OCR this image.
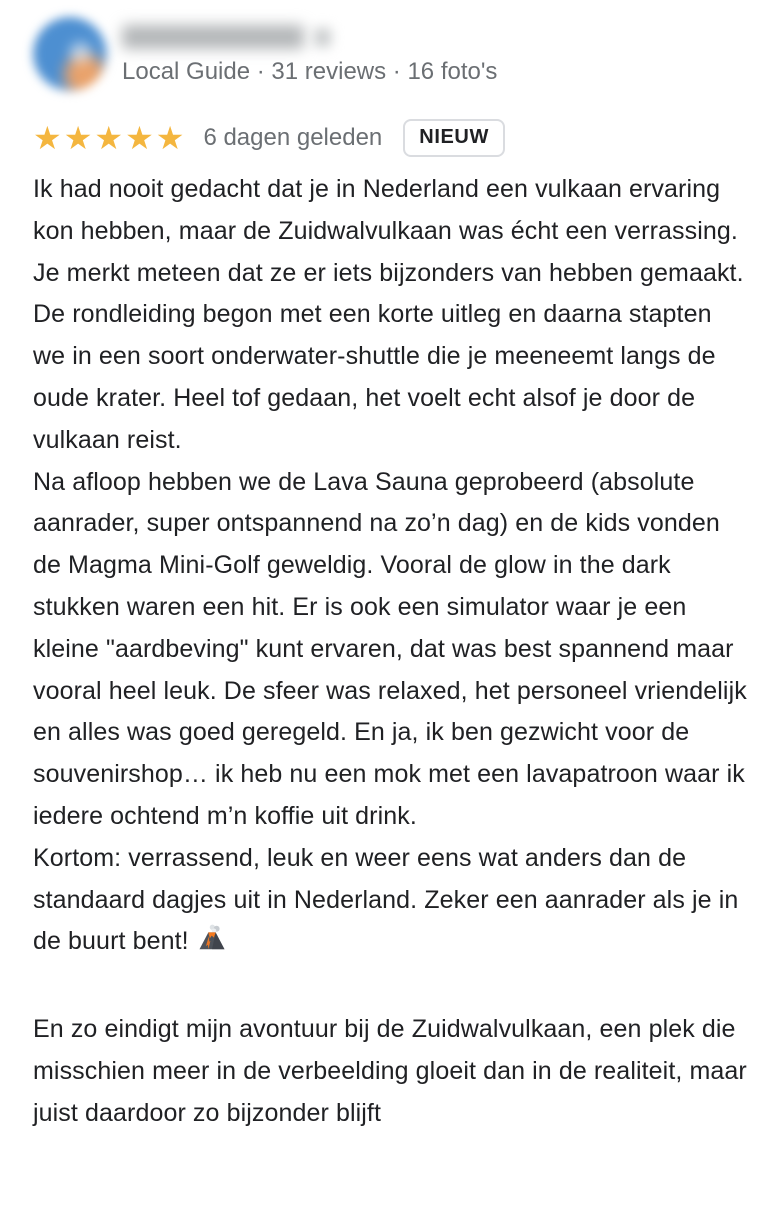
Local Guide · 31 reviews · 16 foto's
★★★★★ 6 dagen geleden	NIEUW

Ik had nooit gedacht dat je in Nederland een vulkaan ervaring kon hebben, maar de Zuidwalvulkaan was écht een verrassing. Je merkt meteen dat ze er iets bijzonders van hebben gemaakt. De rondleiding begon met een korte uitleg en daarna stapten we in een soort onderwater-shuttle die je meeneemt langs de oude krater. Heel tof gedaan, het voelt echt alsof je door de vulkaan reist.

Na afloop hebben we de Lava Sauna geprobeerd (absolute aanrader, super ontspannend na zo’n dag) en de kids vonden de Magma Mini-Golf geweldig. Vooral de glow in the dark stukken waren een hit. Er is ook een simulator waar je een kleine "aardbeving" kunt ervaren, dat was best spannend maar vooral heel leuk. De sfeer was relaxed, het personeel vriendelijk en alles was goed geregeld. En ja, ik ben gezwicht voor de souvenirshop… ik heb nu een mok met een lavapatroon waar ik iedere ochtend m’n koffie uit drink.

Kortom: verrassend, leuk en weer eens wat anders dan de standaard dagjes uit in Nederland. Zeker een aanrader als je in de buurt bent!

En zo eindigt mijn avontuur bij de Zuidwalvulkaan, een plek die misschien meer in de verbeelding gloeit dan in de realiteit, maar juist daardoor zo bijzonder blijft
